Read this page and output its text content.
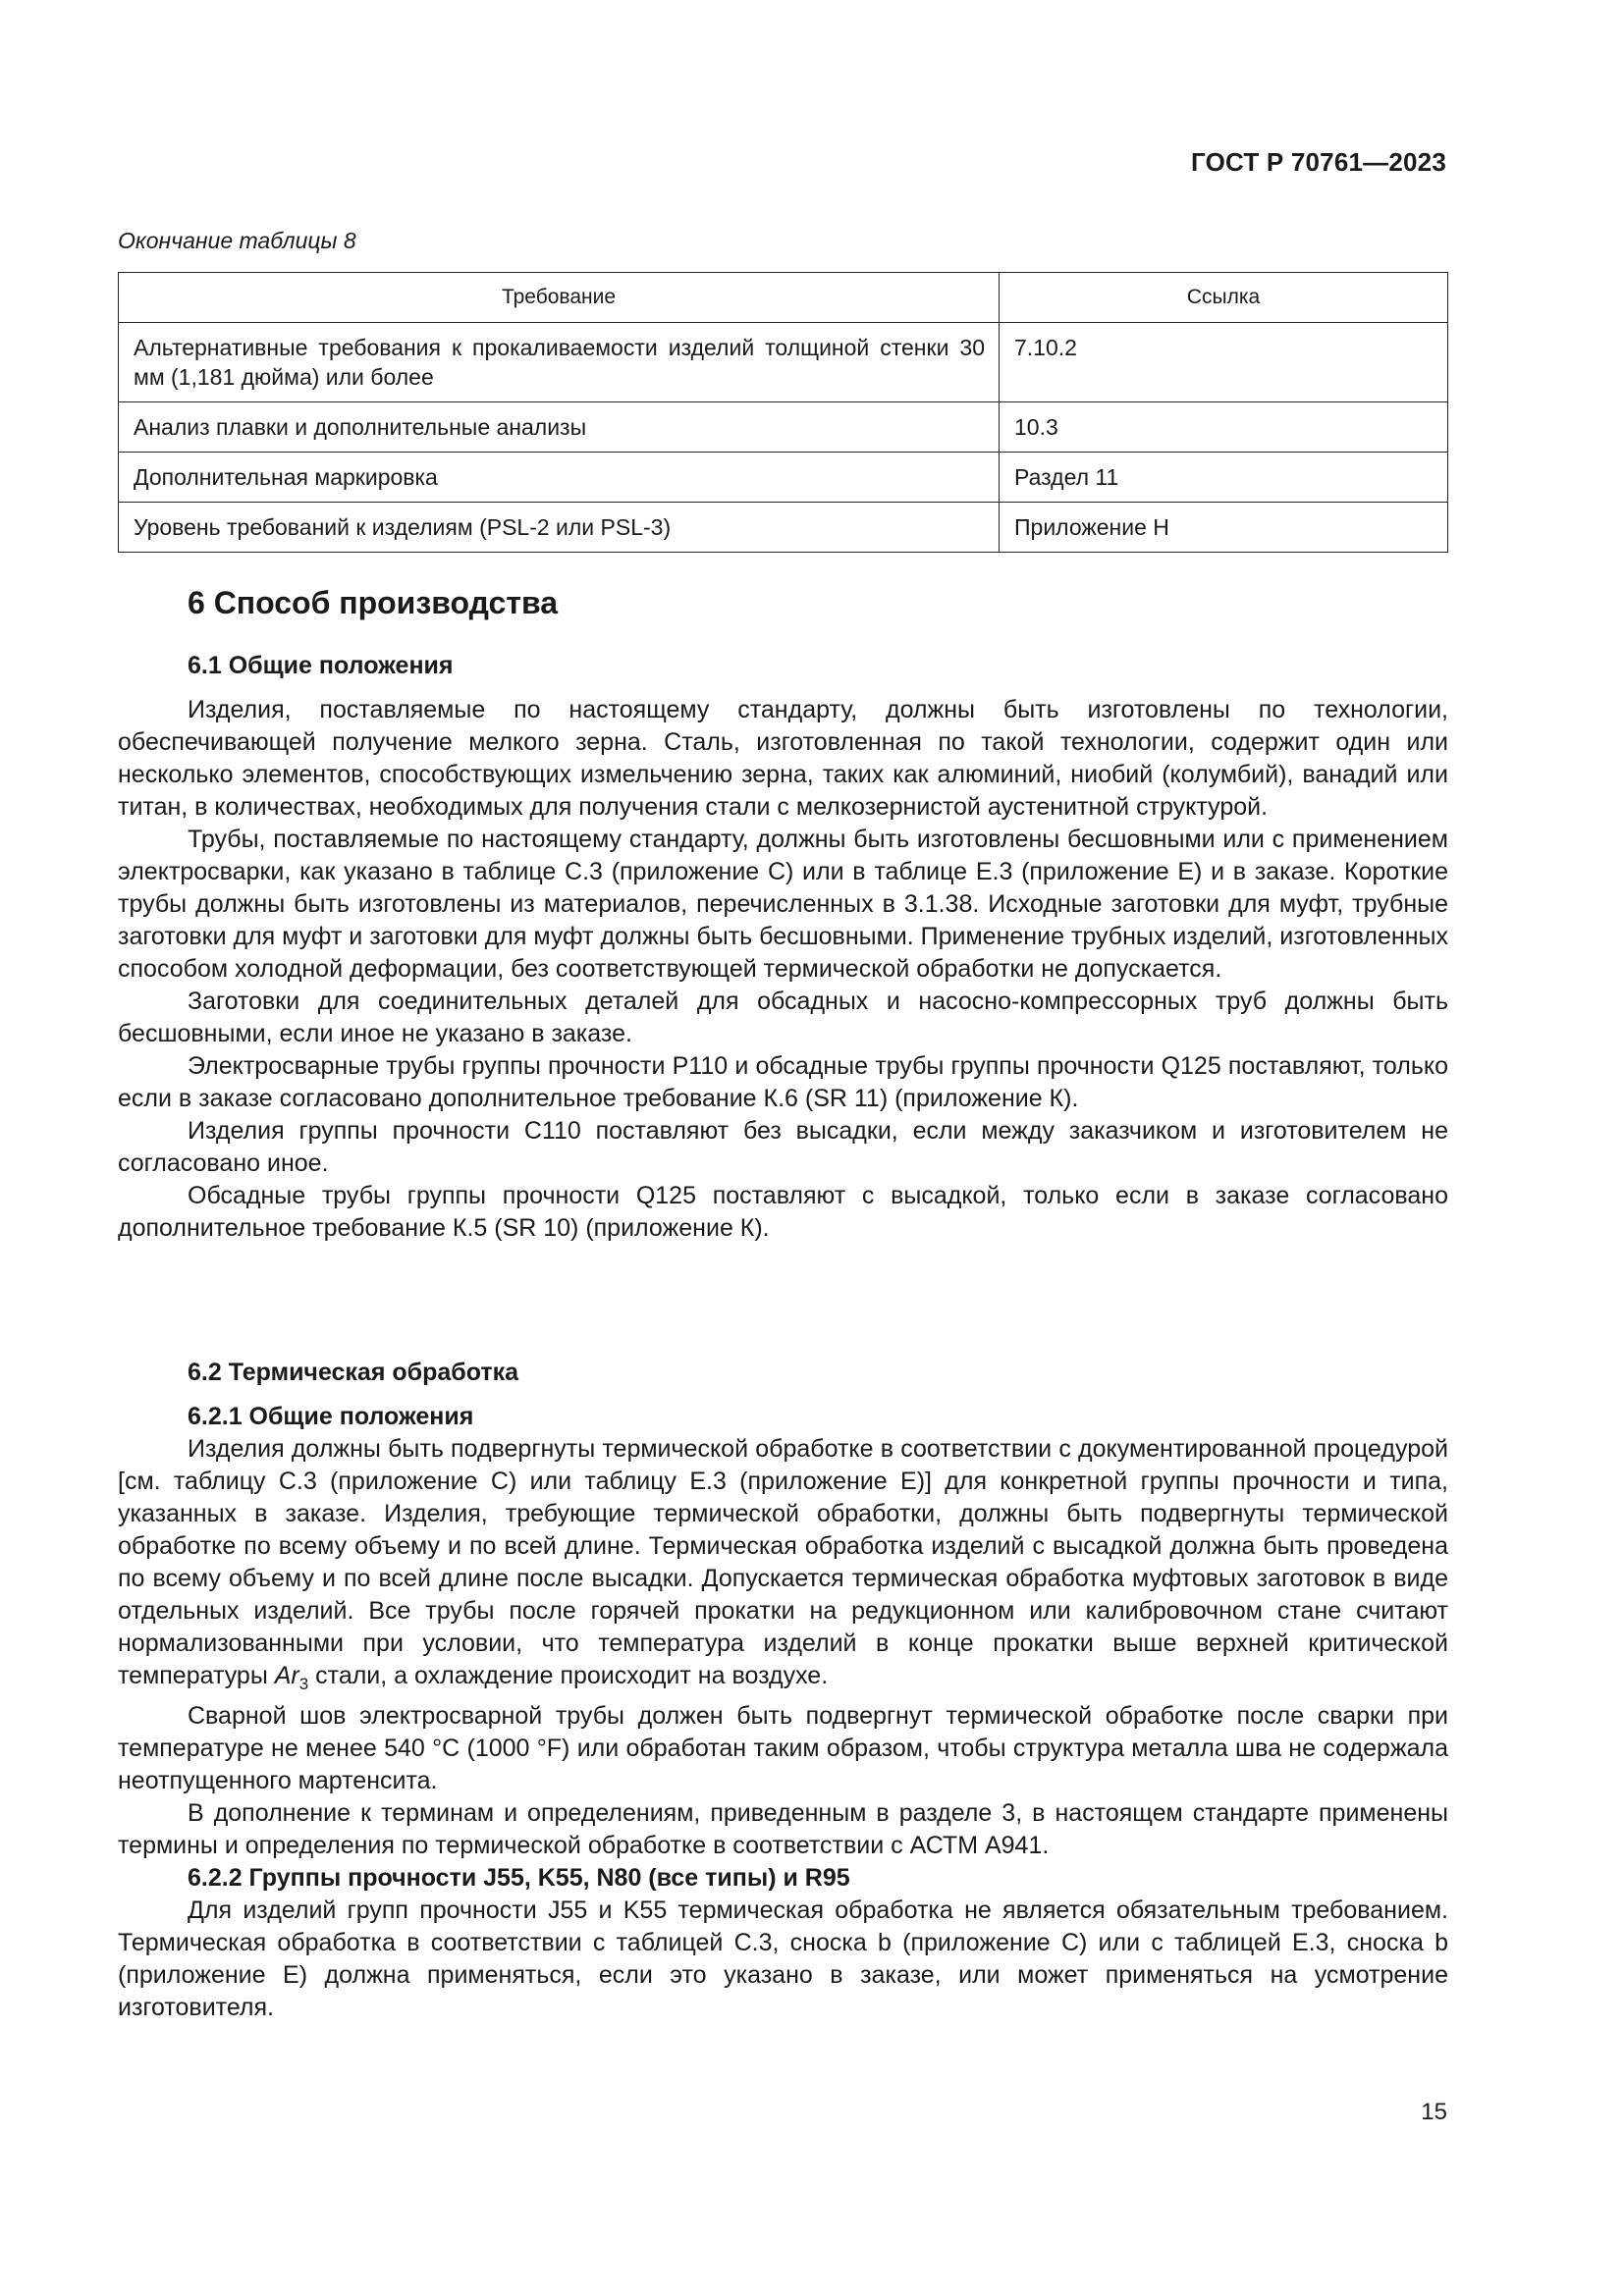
ГОСТ Р 70761—2023
Окончание таблицы 8
Требование	Ссылка
Альтернативные требования к прокаливаемости изделий толщиной стенки 30 мм (1,181 дюйма) или более	7.10.2
Анализ плавки и дополнительные анализы	10.3
Дополнительная маркировка	Раздел 11
Уровень требований к изделиям (PSL-2 или PSL-3)	Приложение H
6 Способ производства

6.1 Общие положения

Изделия, поставляемые по настоящему стандарту, должны быть изготовлены по технологии, обеспечивающей получение мелкого зерна. Сталь, изготовленная по такой технологии, содержит один или несколько элементов, способствующих измельчению зерна, таких как алюминий, ниобий (колумбий), ванадий или титан, в количествах, необходимых для получения стали с мелкозернистой аустенитной структурой.

Трубы, поставляемые по настоящему стандарту, должны быть изготовлены бесшовными или с применением электросварки, как указано в таблице С.3 (приложение С) или в таблице Е.3 (приложение Е) и в заказе. Короткие трубы должны быть изготовлены из материалов, перечисленных в 3.1.38. Исходные заготовки для муфт, трубные заготовки для муфт и заготовки для муфт должны быть бесшовными. Применение трубных изделий, изготовленных способом холодной деформации, без соответствующей термической обработки не допускается.

Заготовки для соединительных деталей для обсадных и насосно-компрессорных труб должны быть бесшовными, если иное не указано в заказе.

Электросварные трубы группы прочности Р110 и обсадные трубы группы прочности Q125 поставляют, только если в заказе согласовано дополнительное требование К.6 (SR 11) (приложение К).

Изделия группы прочности С110 поставляют без высадки, если между заказчиком и изготовителем не согласовано иное.

Обсадные трубы группы прочности Q125 поставляют с высадкой, только если в заказе согласовано дополнительное требование К.5 (SR 10) (приложение К).

6.2 Термическая обработка

6.2.1 Общие положения

Изделия должны быть подвергнуты термической обработке в соответствии с документированной процедурой [см. таблицу С.3 (приложение С) или таблицу Е.3 (приложение Е)] для конкретной группы прочности и типа, указанных в заказе. Изделия, требующие термической обработки, должны быть подвергнуты термической обработке по всему объему и по всей длине. Термическая обработка изделий с высадкой должна быть проведена по всему объему и по всей длине после высадки. Допускается термическая обработка муфтовых заготовок в виде отдельных изделий. Все трубы после горячей прокатки на редукционном или калибровочном стане считают нормализованными при условии, что температура изделий в конце прокатки выше верхней критической температуры $Ar_3$ стали, а охлаждение происходит на воздухе.

Сварной шов электросварной трубы должен быть подвергнут термической обработке после сварки при температуре не менее 540 °C (1000 °F) или обработан таким образом, чтобы структура металла шва не содержала неотпущенного мартенсита.

В дополнение к терминам и определениям, приведенным в разделе 3, в настоящем стандарте применены термины и определения по термической обработке в соответствии с АСТМ А941.

6.2.2 Группы прочности J55, K55, N80 (все типы) и R95

Для изделий групп прочности J55 и K55 термическая обработка не является обязательным требованием. Термическая обработка в соответствии с таблицей С.3, сноска b (приложение С) или с таблицей Е.3, сноска b (приложение Е) должна применяться, если это указано в заказе, или может применяться на усмотрение изготовителя.

15
